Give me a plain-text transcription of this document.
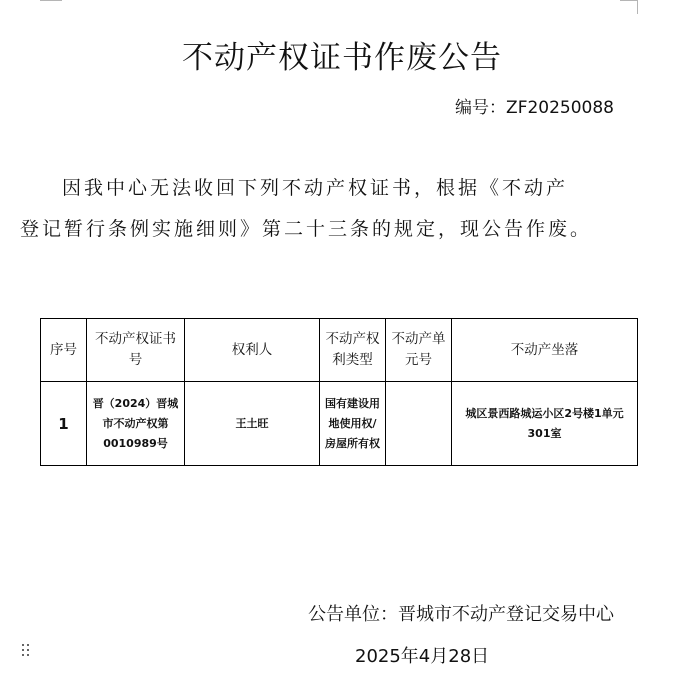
不动产权证书作废公告
编号：ZF20250088
因我中心无法收回下列不动产权证书，根据《不动产
登记暂行条例实施细则》第二十三条的规定，现公告作废。
序号	不动产权证书号	权利人	不动产权利类型	不动产单元号	不动产坐落
1	晋（2024）晋城市不动产权第0010989号	王土旺	国有建设用地使用权/房屋所有权		城区景西路城运小区2号楼1单元301室
公告单位：晋城市不动产登记交易中心
2025年4月28日
